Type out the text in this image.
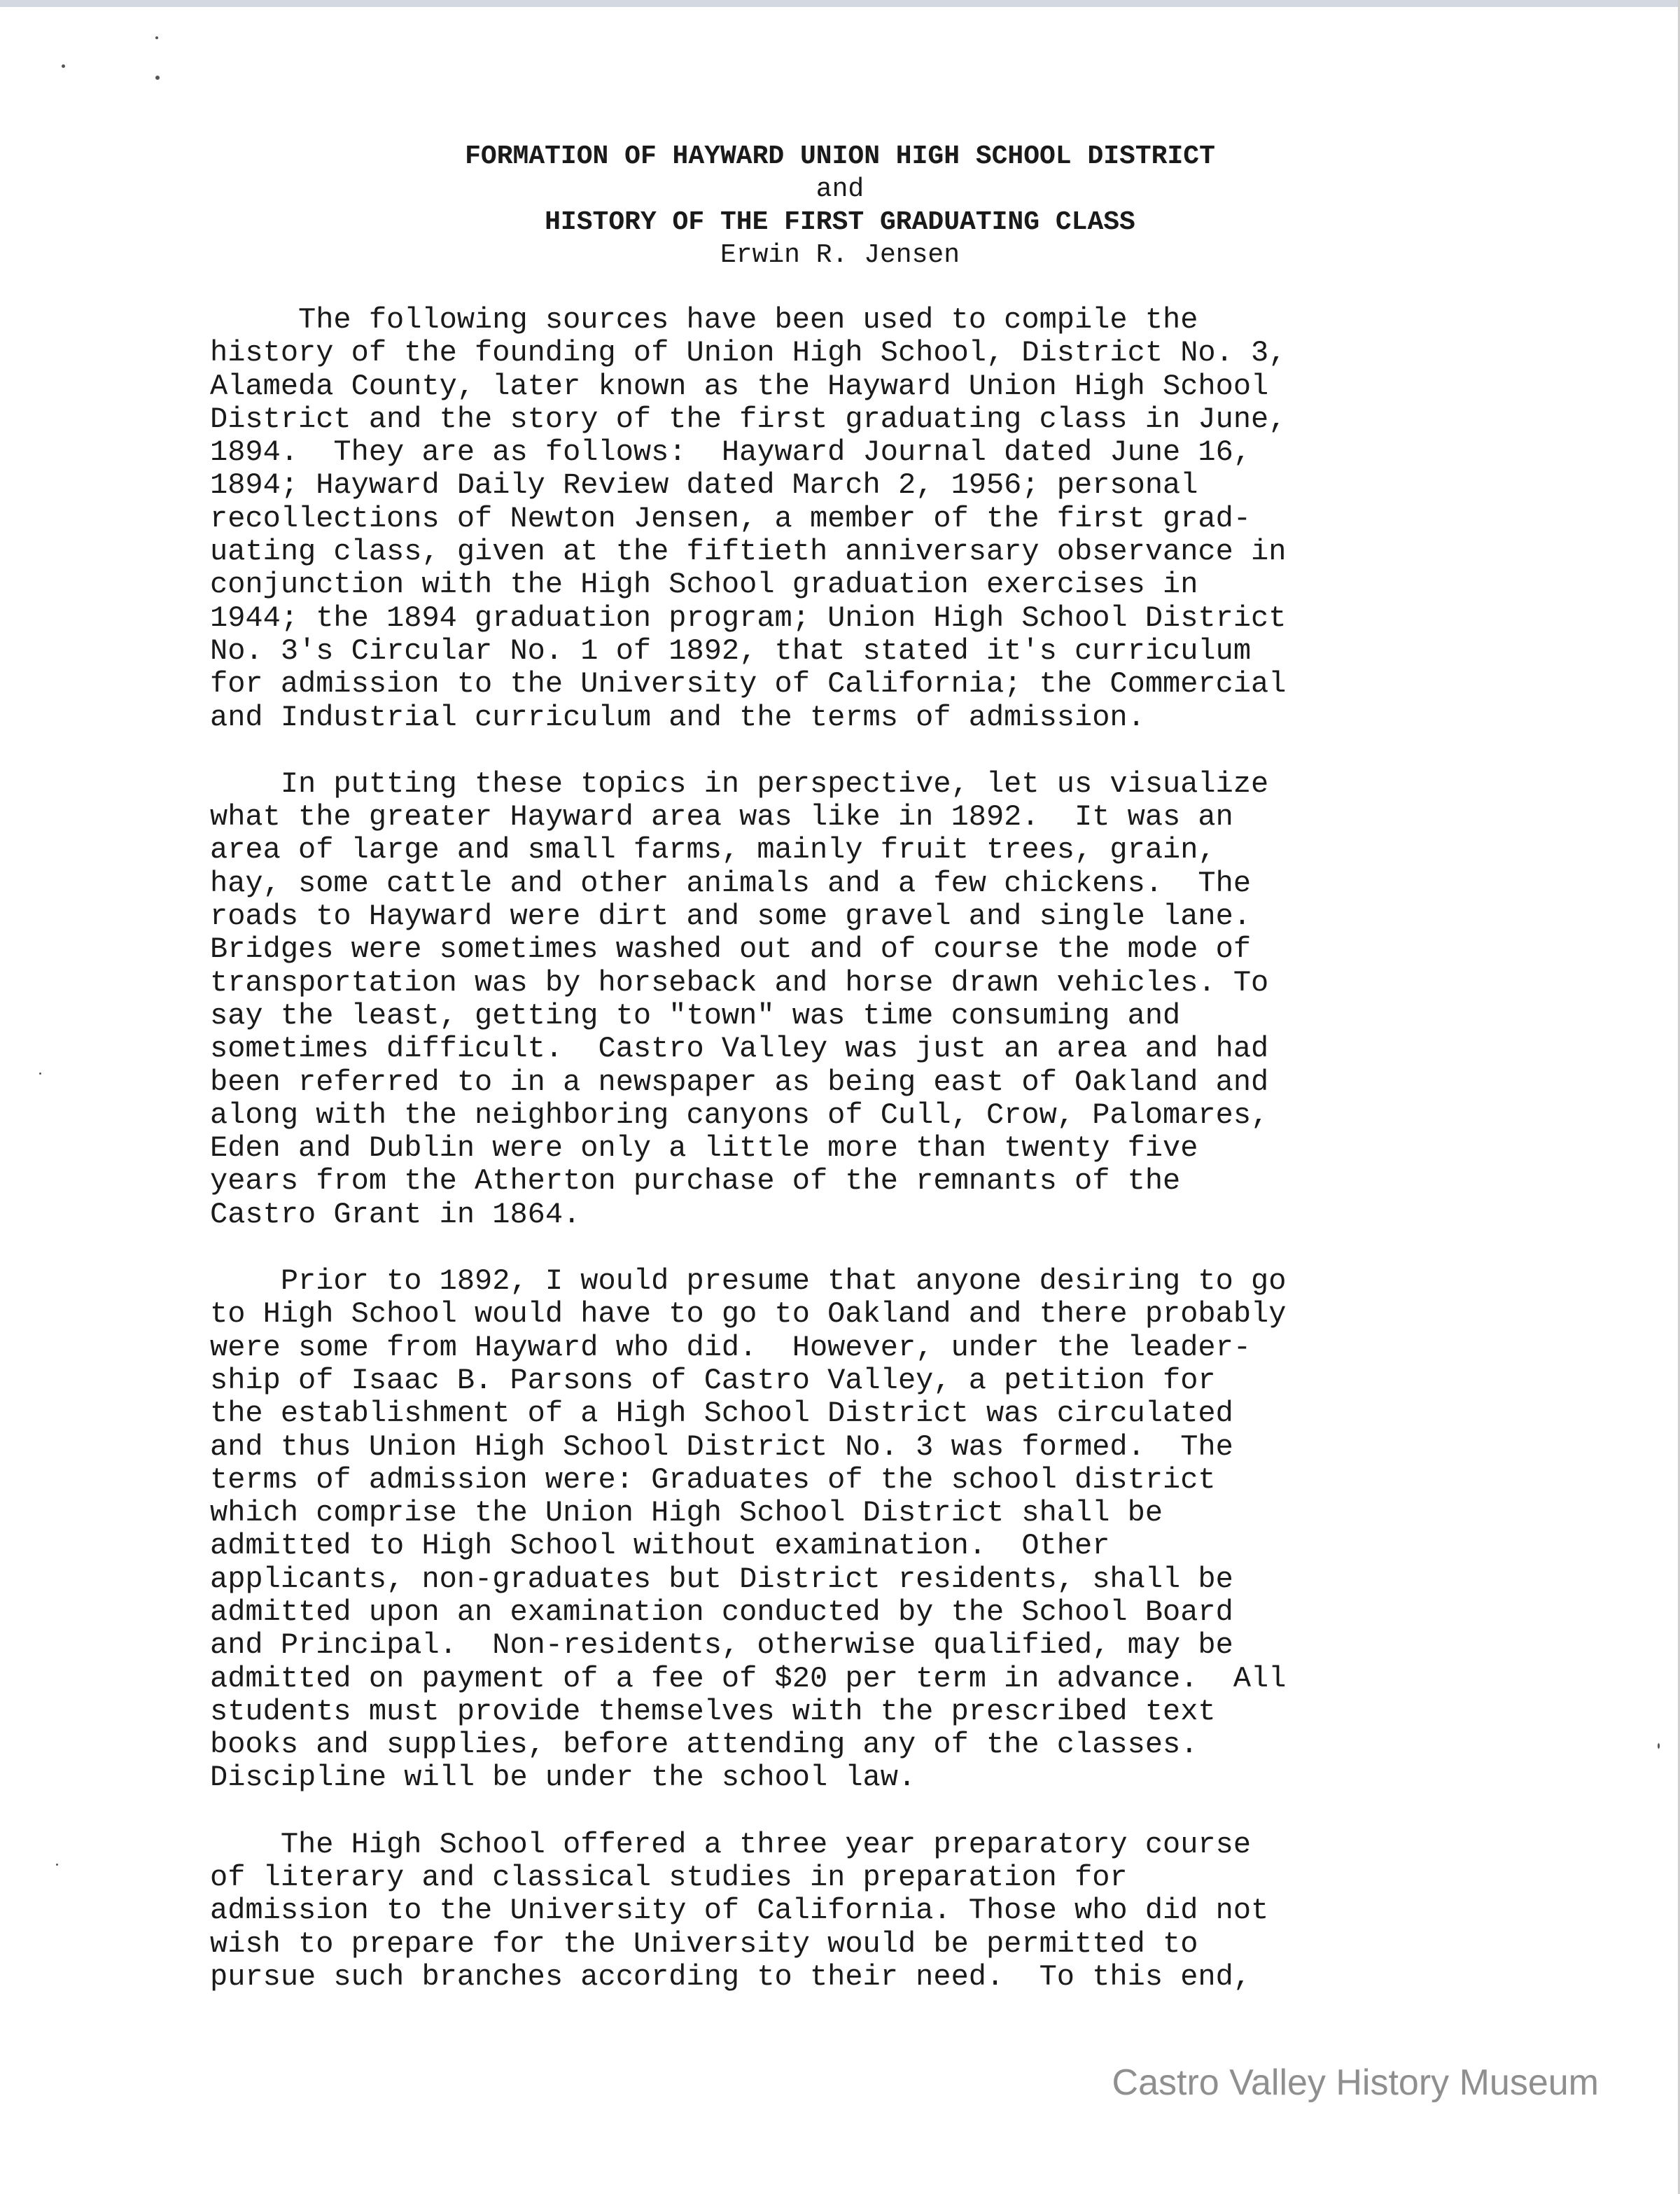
FORMATION OF HAYWARD UNION HIGH SCHOOL DISTRICT
and
HISTORY OF THE FIRST GRADUATING CLASS
Erwin R. Jensen

The following sources have been used to compile the
history of the founding of Union High School, District No. 3,
Alameda County, later known as the Hayward Union High School
District and the story of the first graduating class in June,
1894.  They are as follows:  Hayward Journal dated June 16,
1894; Hayward Daily Review dated March 2, 1956; personal
recollections of Newton Jensen, a member of the first grad-
uating class, given at the fiftieth anniversary observance in
conjunction with the High School graduation exercises in
1944; the 1894 graduation program; Union High School District
No. 3's Circular No. 1 of 1892, that stated it's curriculum
for admission to the University of California; the Commercial
and Industrial curriculum and the terms of admission.

In putting these topics in perspective, let us visualize
what the greater Hayward area was like in 1892.  It was an
area of large and small farms, mainly fruit trees, grain,
hay, some cattle and other animals and a few chickens.  The
roads to Hayward were dirt and some gravel and single lane.
Bridges were sometimes washed out and of course the mode of
transportation was by horseback and horse drawn vehicles. To
say the least, getting to "town" was time consuming and
sometimes difficult.  Castro Valley was just an area and had
been referred to in a newspaper as being east of Oakland and
along with the neighboring canyons of Cull, Crow, Palomares,
Eden and Dublin were only a little more than twenty five
years from the Atherton purchase of the remnants of the
Castro Grant in 1864.

Prior to 1892, I would presume that anyone desiring to go
to High School would have to go to Oakland and there probably
were some from Hayward who did.  However, under the leader-
ship of Isaac B. Parsons of Castro Valley, a petition for
the establishment of a High School District was circulated
and thus Union High School District No. 3 was formed.  The
terms of admission were: Graduates of the school district
which comprise the Union High School District shall be
admitted to High School without examination.  Other
applicants, non-graduates but District residents, shall be
admitted upon an examination conducted by the School Board
and Principal.  Non-residents, otherwise qualified, may be
admitted on payment of a fee of $20 per term in advance.  All
students must provide themselves with the prescribed text
books and supplies, before attending any of the classes.
Discipline will be under the school law.

The High School offered a three year preparatory course
of literary and classical studies in preparation for
admission to the University of California. Those who did not
wish to prepare for the University would be permitted to
pursue such branches according to their need.  To this end,

Castro Valley History Museum
